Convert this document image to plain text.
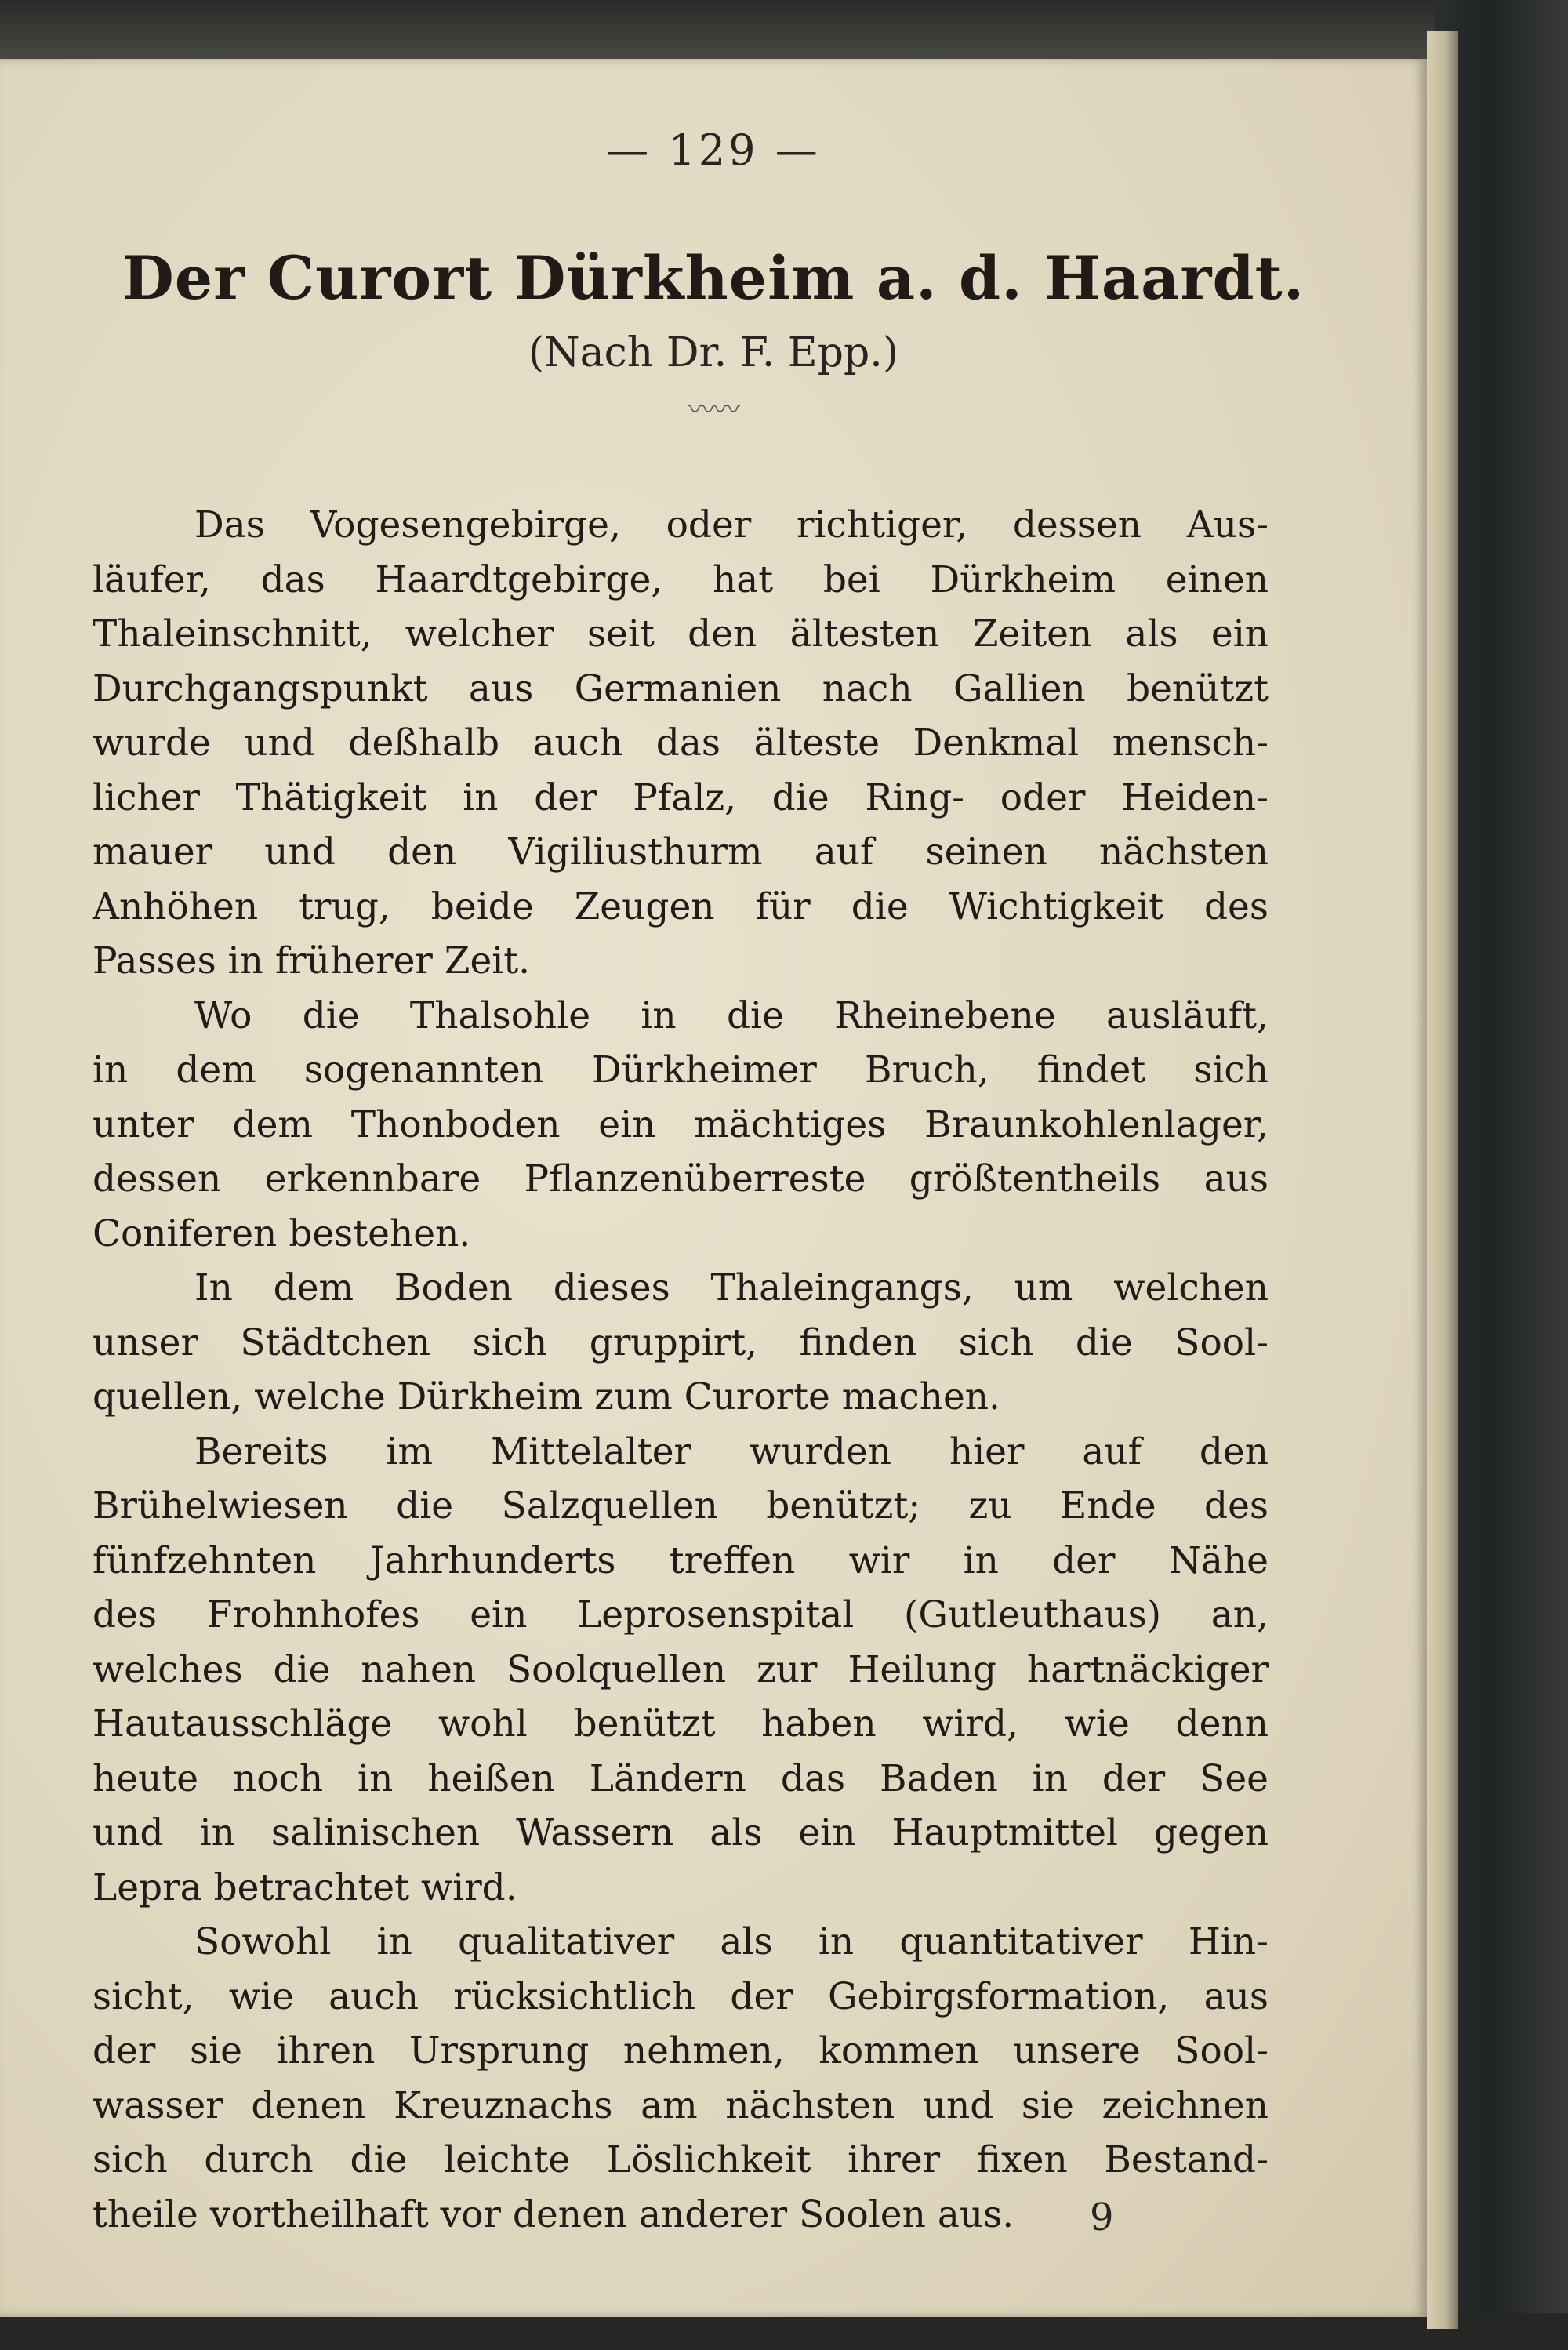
— 129 —
Der Curort Dürkheim a. d. Haardt.
(Nach Dr. F. Epp.)
〰〰
Das Vogesengebirge, oder richtiger, dessen Aus-
läufer, das Haardtgebirge, hat bei Dürkheim einen
Thaleinschnitt, welcher seit den ältesten Zeiten als ein
Durchgangspunkt aus Germanien nach Gallien benützt
wurde und deßhalb auch das älteste Denkmal mensch-
licher Thätigkeit in der Pfalz, die Ring- oder Heiden-
mauer und den Vigiliusthurm auf seinen nächsten
Anhöhen trug, beide Zeugen für die Wichtigkeit des
Passes in früherer Zeit.
Wo die Thalsohle in die Rheinebene ausläuft,
in dem sogenannten Dürkheimer Bruch, findet sich
unter dem Thonboden ein mächtiges Braunkohlenlager,
dessen erkennbare Pflanzenüberreste größtentheils aus
Coniferen bestehen.
In dem Boden dieses Thaleingangs, um welchen
unser Städtchen sich gruppirt, finden sich die Sool-
quellen, welche Dürkheim zum Curorte machen.
Bereits im Mittelalter wurden hier auf den
Brühelwiesen die Salzquellen benützt; zu Ende des
fünfzehnten Jahrhunderts treffen wir in der Nähe
des Frohnhofes ein Leprosenspital (Gutleuthaus) an,
welches die nahen Soolquellen zur Heilung hartnäckiger
Hautausschläge wohl benützt haben wird, wie denn
heute noch in heißen Ländern das Baden in der See
und in salinischen Wassern als ein Hauptmittel gegen
Lepra betrachtet wird.
Sowohl in qualitativer als in quantitativer Hin-
sicht, wie auch rücksichtlich der Gebirgsformation, aus
der sie ihren Ursprung nehmen, kommen unsere Sool-
wasser denen Kreuznachs am nächsten und sie zeichnen
sich durch die leichte Löslichkeit ihrer fixen Bestand-
theile vortheilhaft vor denen anderer Soolen aus.	9
